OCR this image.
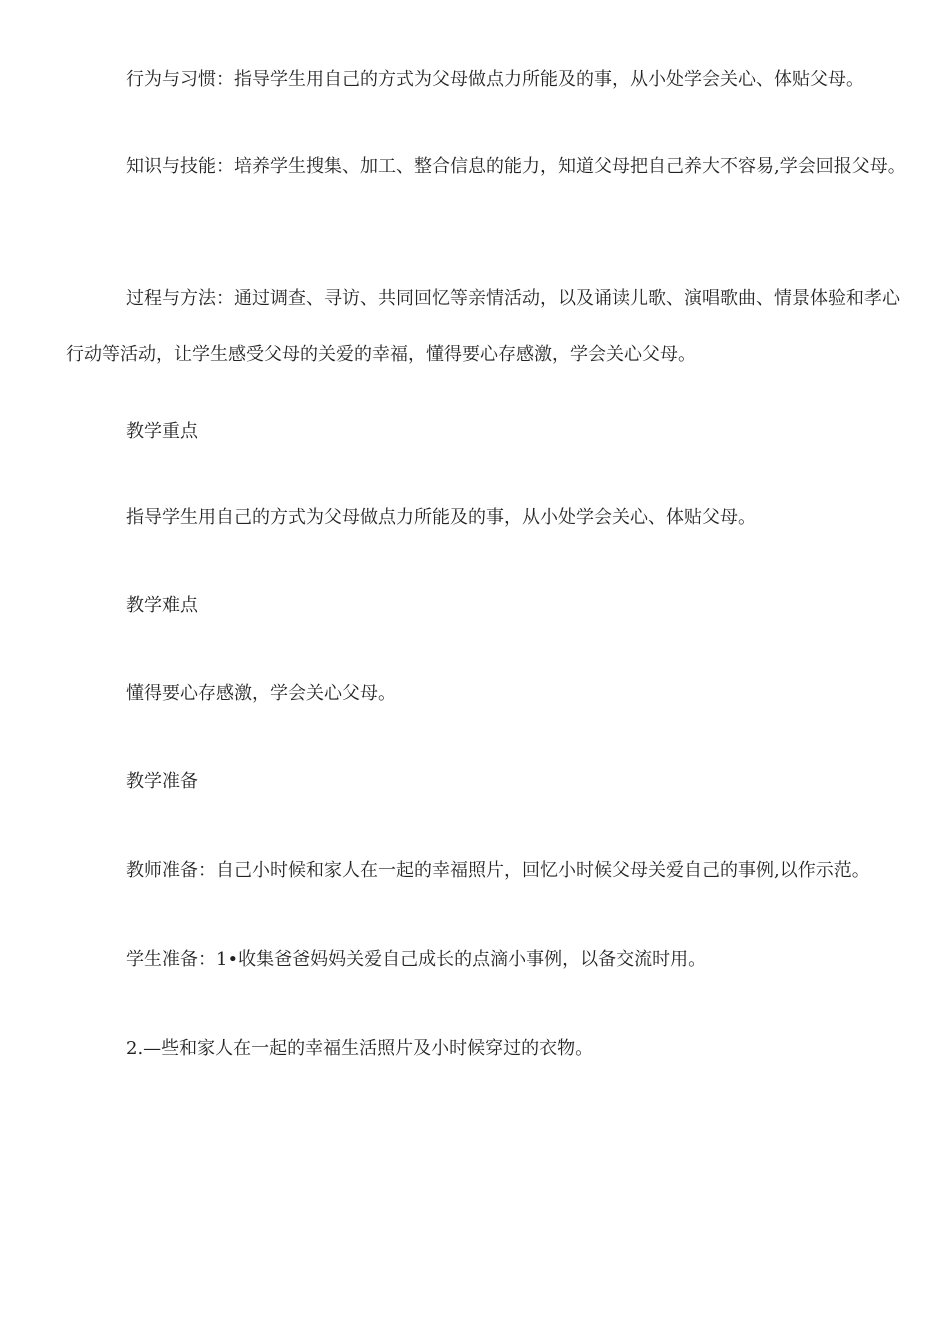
行为与习惯：指导学生用自己的方式为父母做点力所能及的事，从小处学会关心、体贴父母。

知识与技能：培养学生搜集、加工、整合信息的能力，知道父母把自己养大不容易,学会回报父母。

过程与方法：通过调查、寻访、共同回忆等亲情活动，以及诵读儿歌、演唱歌曲、情景体验和孝心行动等活动，让学生感受父母的关爱的幸福，懂得要心存感激，学会关心父母。

教学重点

指导学生用自己的方式为父母做点力所能及的事，从小处学会关心、体贴父母。

教学难点

懂得要心存感激，学会关心父母。

教学准备

教师准备：自己小时候和家人在一起的幸福照片，回忆小时候父母关爱自己的事例,以作示范。

学生准备：1•收集爸爸妈妈关爱自己成长的点滴小事例，以备交流时用。

2.—些和家人在一起的幸福生活照片及小时候穿过的衣物。
